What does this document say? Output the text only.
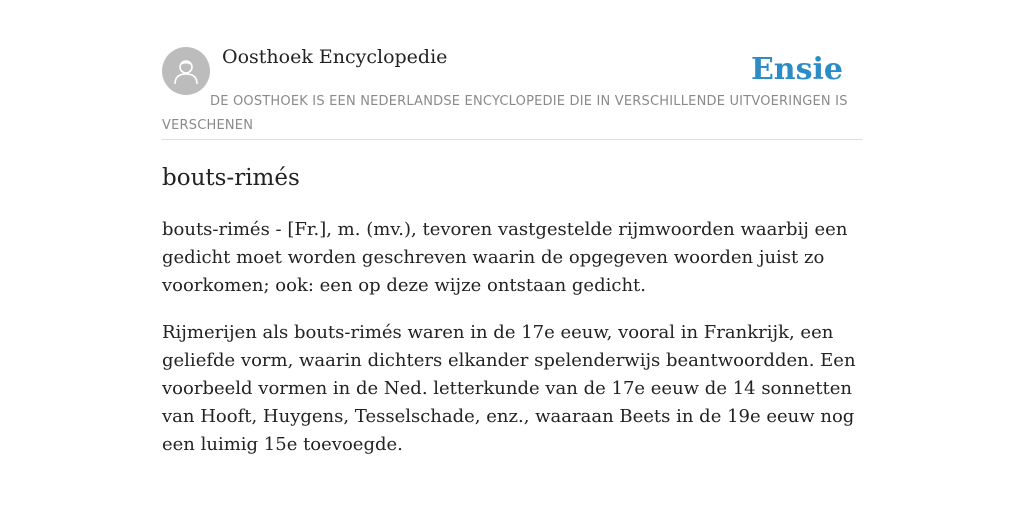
Oosthoek Encyclopedie	Ensie
DE OOSTHOEK IS EEN NEDERLANDSE ENCYCLOPEDIE DIE IN VERSCHILLENDE UITVOERINGEN IS VERSCHENEN
bouts-rimés

bouts-rimés - [Fr.], m. (mv.), tevoren vastgestelde rijmwoorden waarbij een gedicht moet worden geschreven waarin de opgegeven woorden juist zo voorkomen; ook: een op deze wijze ontstaan gedicht.

Rijmerijen als bouts-rimés waren in de 17e eeuw, vooral in Frankrijk, een geliefde vorm, waarin dichters elkander spelenderwijs beantwoordden. Een voorbeeld vormen in de Ned. letterkunde van de 17e eeuw de 14 sonnetten van Hooft, Huygens, Tesselschade, enz., waaraan Beets in de 19e eeuw nog een luimig 15e toevoegde.
